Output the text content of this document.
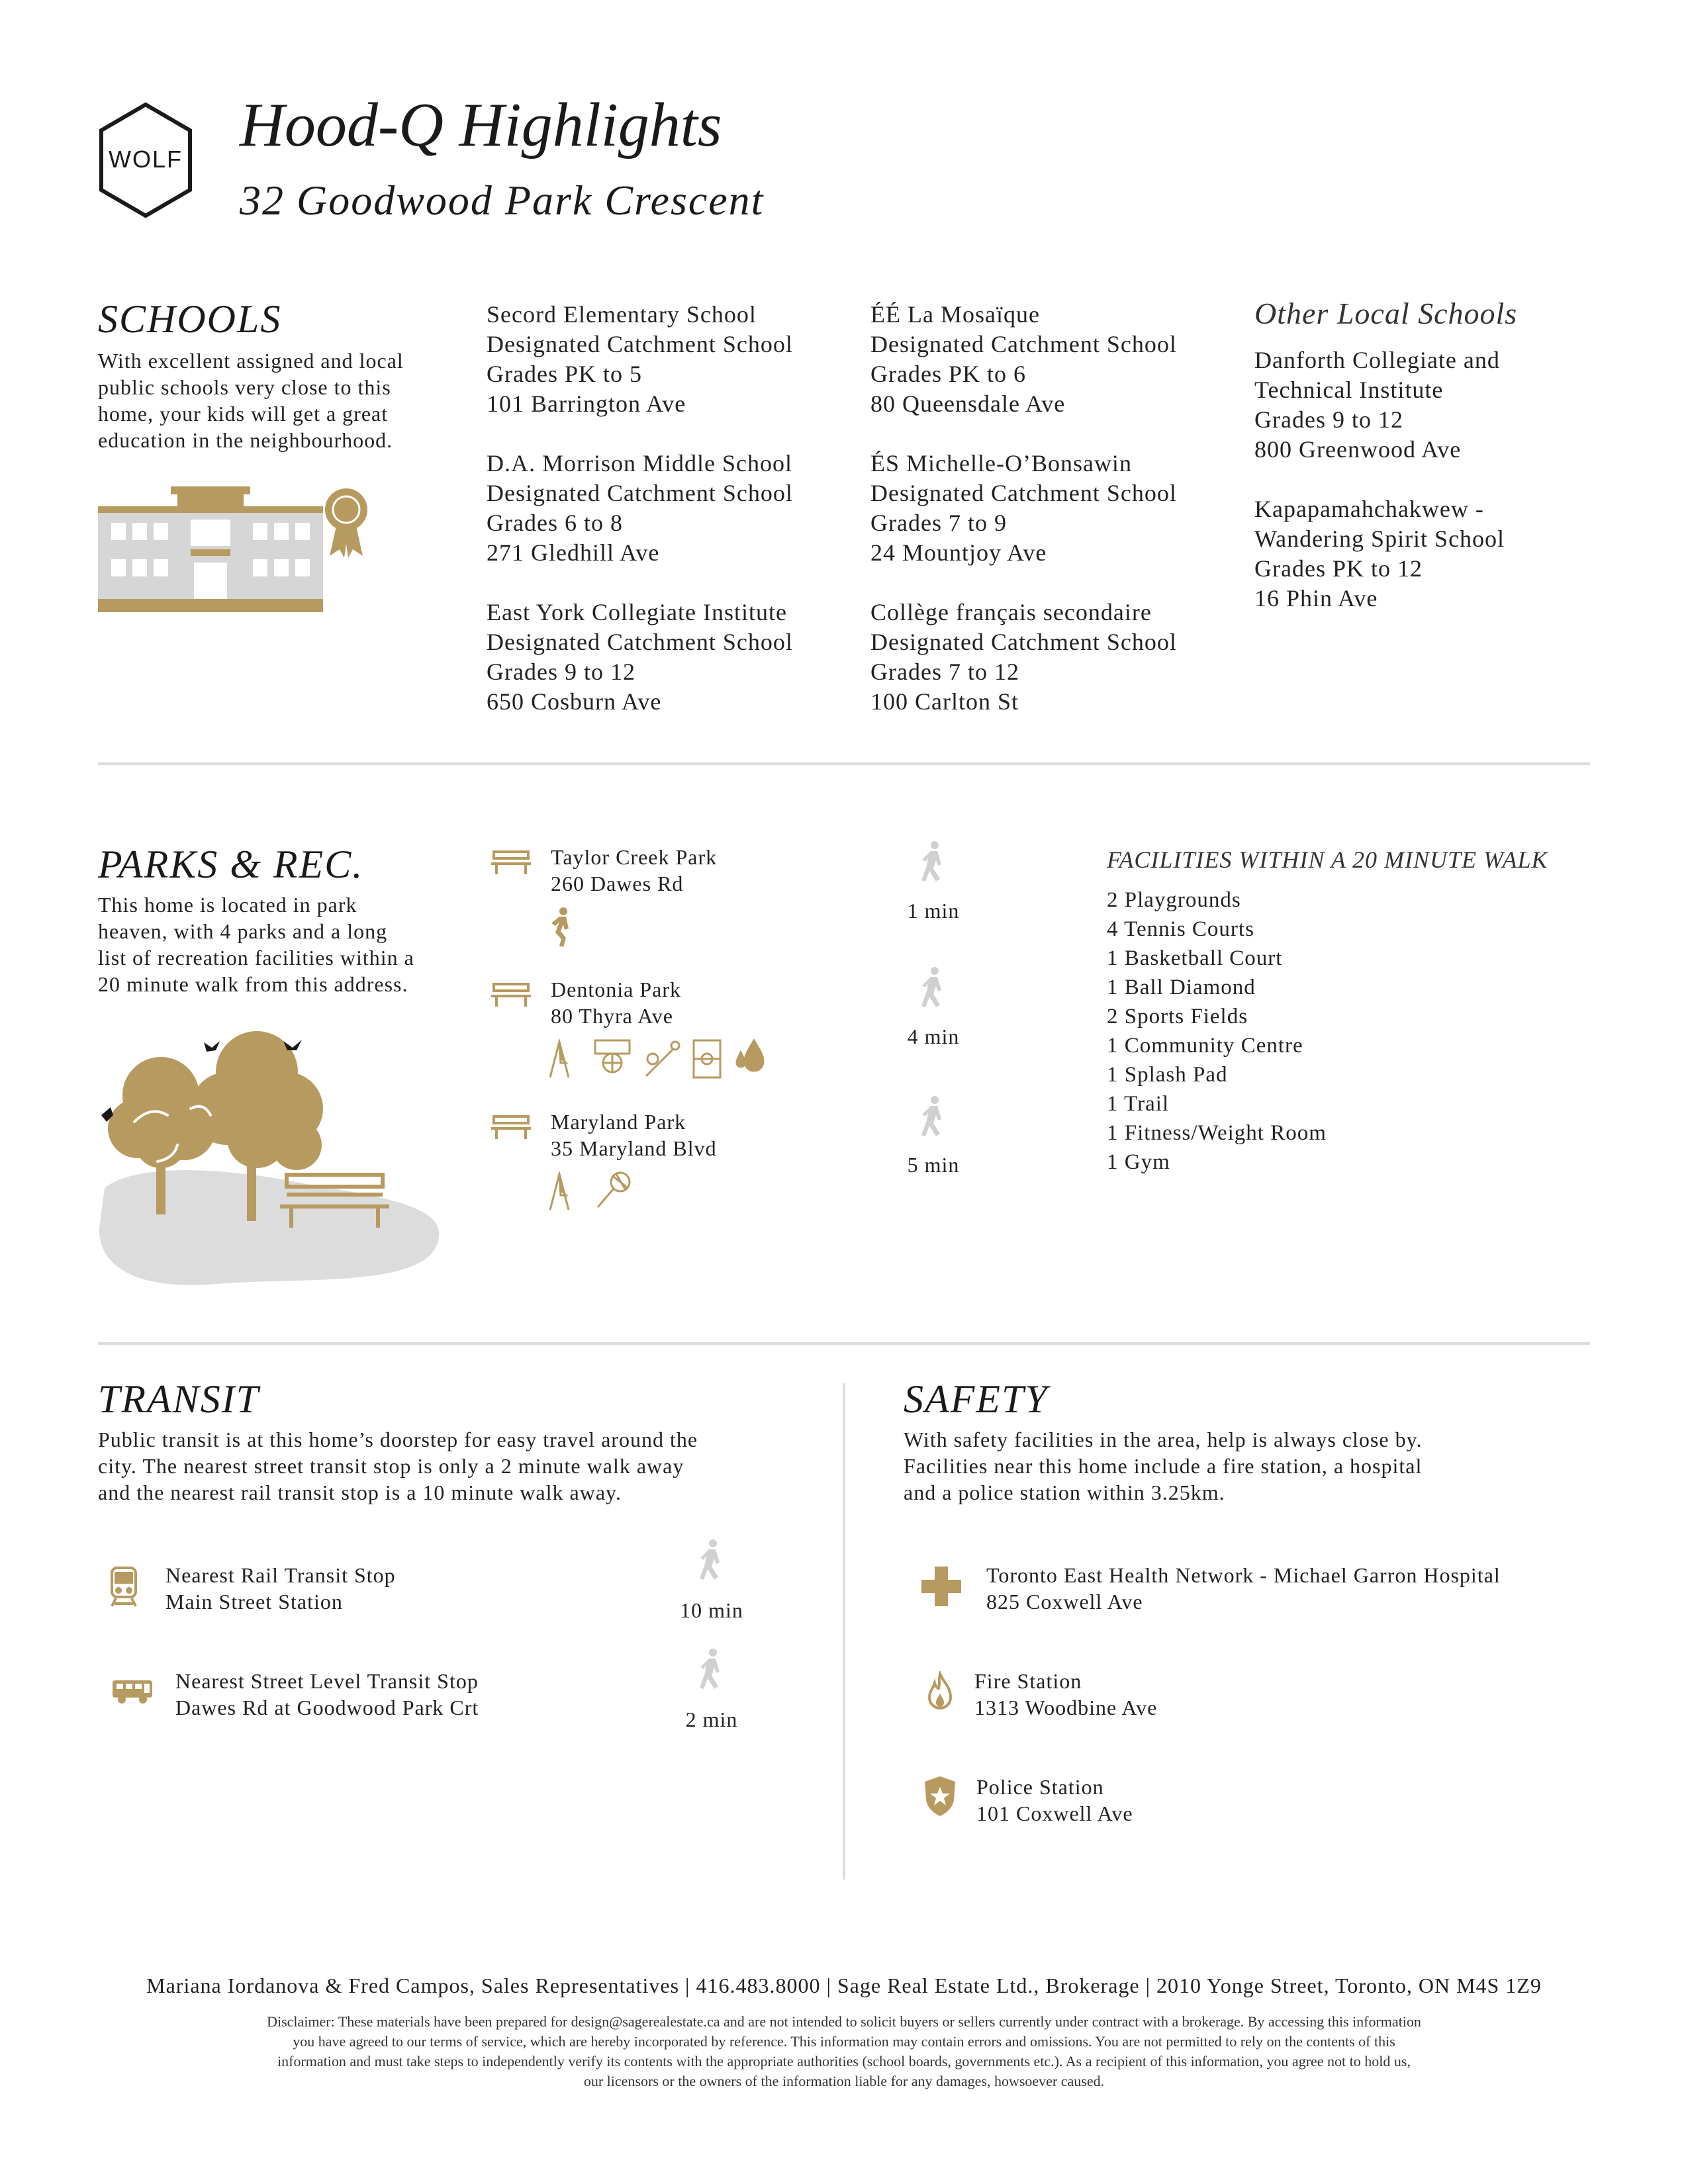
WOLF Hood-Q Highlights
32 Goodwood Park Crescent
SCHOOLS
With excellent assigned and local
public schools very close to this
home, your kids will get a great
education in the neighbourhood.
Secord Elementary School
Designated Catchment School
Grades PK to 5
101 Barrington Ave
D.A. Morrison Middle School
Designated Catchment School
Grades 6 to 8
271 Gledhill Ave
East York Collegiate Institute
Designated Catchment School
Grades 9 to 12
650 Cosburn Ave
ÉÉ La Mosaïque
Designated Catchment School
Grades PK to 6
80 Queensdale Ave
ÉS Michelle-O’Bonsawin
Designated Catchment School
Grades 7 to 9
24 Mountjoy Ave
Collège français secondaire
Designated Catchment School
Grades 7 to 12
100 Carlton St
Other Local Schools
Danforth Collegiate and
Technical Institute
Grades 9 to 12
800 Greenwood Ave
Kapapamahchakwew -
Wandering Spirit School
Grades PK to 12
16 Phin Ave
PARKS & REC.
This home is located in park
heaven, with 4 parks and a long
list of recreation facilities within a
20 minute walk from this address.
Taylor Creek Park
260 Dawes Rd
Dentonia Park
80 Thyra Ave
Maryland Park
35 Maryland Blvd
1 min
4 min
5 min
FACILITIES WITHIN A 20 MINUTE WALK
2 Playgrounds
4 Tennis Courts
1 Basketball Court
1 Ball Diamond
2 Sports Fields
1 Community Centre
1 Splash Pad
1 Trail
1 Fitness/Weight Room
1 Gym
TRANSIT
Public transit is at this home’s doorstep for easy travel around the
city. The nearest street transit stop is only a 2 minute walk away
and the nearest rail transit stop is a 10 minute walk away.
Nearest Rail Transit Stop
Main Street Station
Nearest Street Level Transit Stop
Dawes Rd at Goodwood Park Crt
10 min
2 min
SAFETY
With safety facilities in the area, help is always close by.
Facilities near this home include a fire station, a hospital
and a police station within 3.25km.
Toronto East Health Network - Michael Garron Hospital
825 Coxwell Ave
Fire Station
1313 Woodbine Ave
Police Station
101 Coxwell Ave
Mariana Iordanova & Fred Campos, Sales Representatives | 416.483.8000 | Sage Real Estate Ltd., Brokerage | 2010 Yonge Street, Toronto, ON M4S 1Z9
Disclaimer: These materials have been prepared for design@sagerealestate.ca and are not intended to solicit buyers or sellers currently under contract with a brokerage. By accessing this information
you have agreed to our terms of service, which are hereby incorporated by reference. This information may contain errors and omissions. You are not permitted to rely on the contents of this
information and must take steps to independently verify its contents with the appropriate authorities (school boards, governments etc.). As a recipient of this information, you agree not to hold us,
our licensors or the owners of the information liable for any damages, howsoever caused.
